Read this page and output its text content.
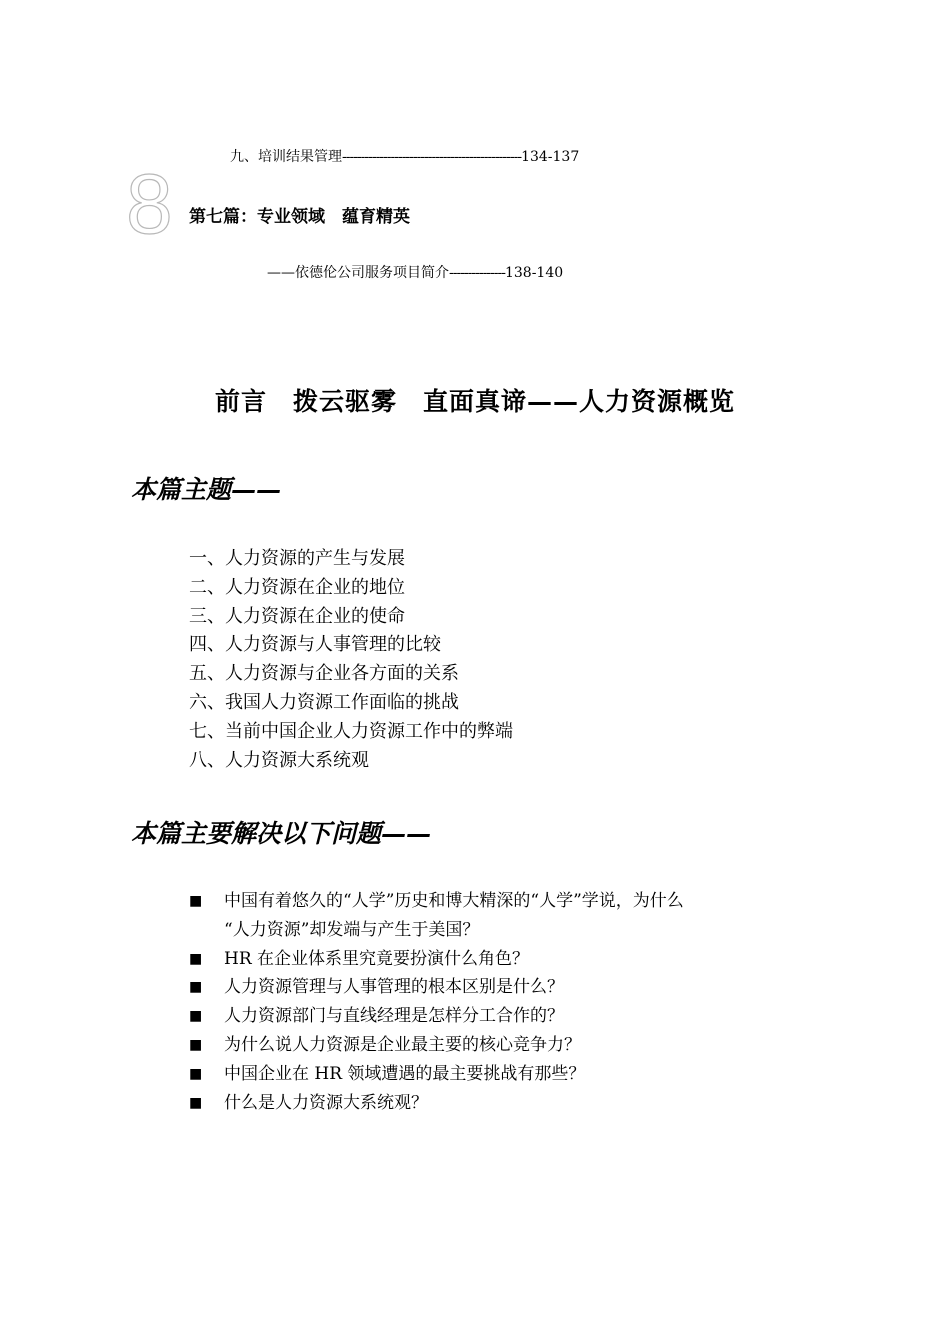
九、培训结果管理------------------------------------------------134-137
8 第七篇：专业领域　蕴育精英
——依德伦公司服务项目简介---------------138-140
前言　拨云驱雾　直面真谛——人力资源概览
本篇主题——
一、人力资源的产生与发展
二、人力资源在企业的地位
三、人力资源在企业的使命
四、人力资源与人事管理的比较
五、人力资源与企业各方面的关系
六、我国人力资源工作面临的挑战
七、当前中国企业人力资源工作中的弊端
八、人力资源大系统观
本篇主要解决以下问题——
■	中国有着悠久的“人学”历史和博大精深的“人学”学说，为什么
“人力资源”却发端与产生于美国？
■	HR 在企业体系里究竟要扮演什么角色？
■	人力资源管理与人事管理的根本区别是什么？
■	人力资源部门与直线经理是怎样分工合作的？
■	为什么说人力资源是企业最主要的核心竞争力？
■	中国企业在 HR 领域遭遇的最主要挑战有那些？
■	什么是人力资源大系统观？
